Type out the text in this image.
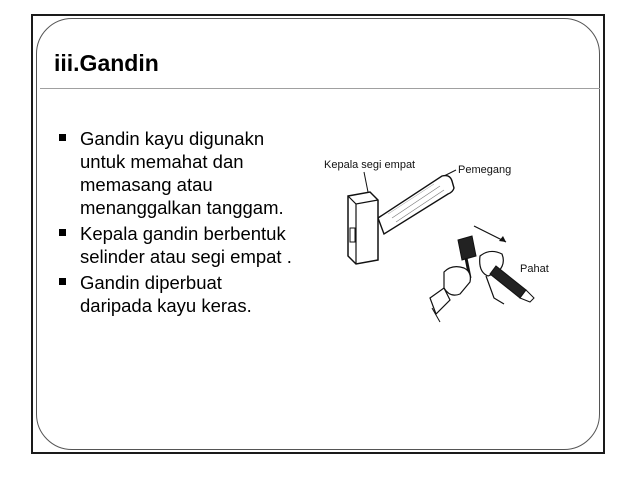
iii.Gandin
Gandin kayu digunakn
untuk memahat dan
memasang atau
menanggalkan tanggam.
Kepala gandin berbentuk
selinder atau segi empat .
Gandin diperbuat
daripada kayu keras.
Kepala segi empat	Pemegang
Pahat
